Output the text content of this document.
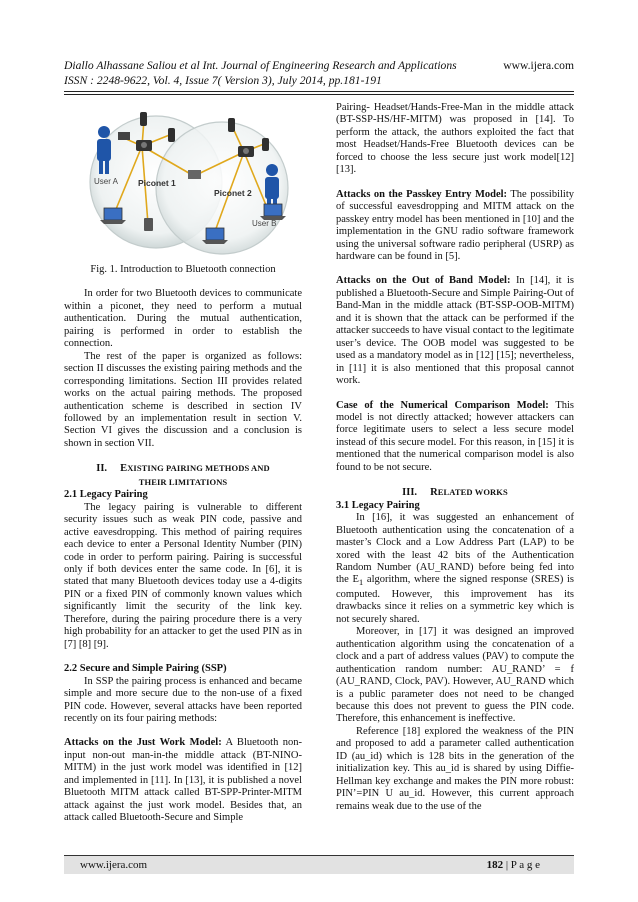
Diallo Alhassane Saliou et al Int. Journal of Engineering Research and Applications	www.ijera.com
ISSN : 2248-9622, Vol. 4, Issue 7( Version 3), July 2014, pp.181-191
User A
User B
Piconet 1
Piconet 2
Fig. 1. Introduction to Bluetooth connection

In order for two Bluetooth devices to communicate within a piconet, they need to perform a mutual authentication. During the mutual authentication, pairing is performed in order to establish the connection.

The rest of the paper is organized as follows: section II discusses the existing pairing methods and the corresponding limitations. Section III provides related works on the actual pairing methods. The proposed authentication scheme is described in section IV followed by an implementation result in section V. Section VI gives the discussion and a conclusion is shown in section VII.

II. EXISTING PAIRING METHODS AND
THEIR LIMITATIONS

2.1 Legacy Pairing

The legacy pairing is vulnerable to different security issues such as weak PIN code, passive and active eavesdropping. This method of pairing requires each device to enter a Personal Identity Number (PIN) code in order to perform pairing. Pairing is successful only if both devices enter the same code. In [6], it is stated that many Bluetooth devices today use a 4-digits PIN or a fixed PIN of commonly known values which significantly limit the security of the link key. Therefore, during the pairing procedure there is a very high probability for an attacker to get the used PIN as in [7] [8] [9].

2.2 Secure and Simple Pairing (SSP)

In SSP the pairing process is enhanced and became simple and more secure due to the non-use of a fixed PIN code. However, several attacks have been reported recently on its four pairing methods:

Attacks on the Just Work Model: A Bluetooth non-input non-out man-in-the middle attack (BT-NINO-MITM) in the just work model was identified in [12] and implemented in [11]. In [13], it is published a novel Bluetooth MITM attack called BT-SPP-Printer-MITM attack against the just work model. Besides that, an attack called Bluetooth-Secure and Simple

Pairing- Headset/Hands-Free-Man in the middle attack (BT-SSP-HS/HF-MITM) was proposed in [14]. To perform the attack, the authors exploited the fact that most Headset/Hands-Free Bluetooth devices can be forced to choose the less secure just work model[12][13].

Attacks on the Passkey Entry Model: The possibility of successful eavesdropping and MITM attack on the passkey entry model has been mentioned in [10] and the implementation in the GNU radio software framework using the universal software radio peripheral (USRP) as hardware can be found in [5].

Attacks on the Out of Band Model: In [14], it is published a Bluetooth-Secure and Simple Pairing-Out of Band-Man in the middle attack (BT-SSP-OOB-MITM) and it is shown that the attack can be performed if the attacker succeeds to have visual contact to the legitimate user’s device. The OOB model was suggested to be used as a mandatory model as in [12] [15]; nevertheless, in [11] it is also mentioned that this proposal cannot work.

Case of the Numerical Comparison Model: This model is not directly attacked; however attackers can force legitimate users to select a less secure model instead of this secure model. For this reason, in [15] it is mentioned that the numerical comparison model is also found to be not secure.

III. RELATED WORKS

3.1 Legacy Pairing

In [16], it was suggested an enhancement of Bluetooth authentication using the concatenation of a master’s Clock and a Low Address Part (LAP) to be xored with the least 42 bits of the Authentication Random Number (AU_RAND) before being fed into the $E_1$ algorithm, where the signed response (SRES) is computed. However, this improvement has its drawbacks since it relies on a symmetric key which is not securely shared.

Moreover, in [17] it was designed an improved authentication algorithm using the concatenation of a clock and a part of address values (PAV) to compute the authentication random number: AU_RAND’ = f (AU_RAND, Clock, PAV). However, AU_RAND which is a public parameter does not need to be changed because this does not prevent to guess the PIN code. Therefore, this enhancement is ineffective.

Reference [18] explored the weakness of the PIN and proposed to add a parameter called authentication ID (au_id) which is 128 bits in the generation of the initialization key. This au_id is shared by using Diffie-Hellman key exchange and makes the PIN more robust: PIN’=PIN U au_id. However, this current approach remains weak due to the use of the

www.ijera.com	182 | P a g e
